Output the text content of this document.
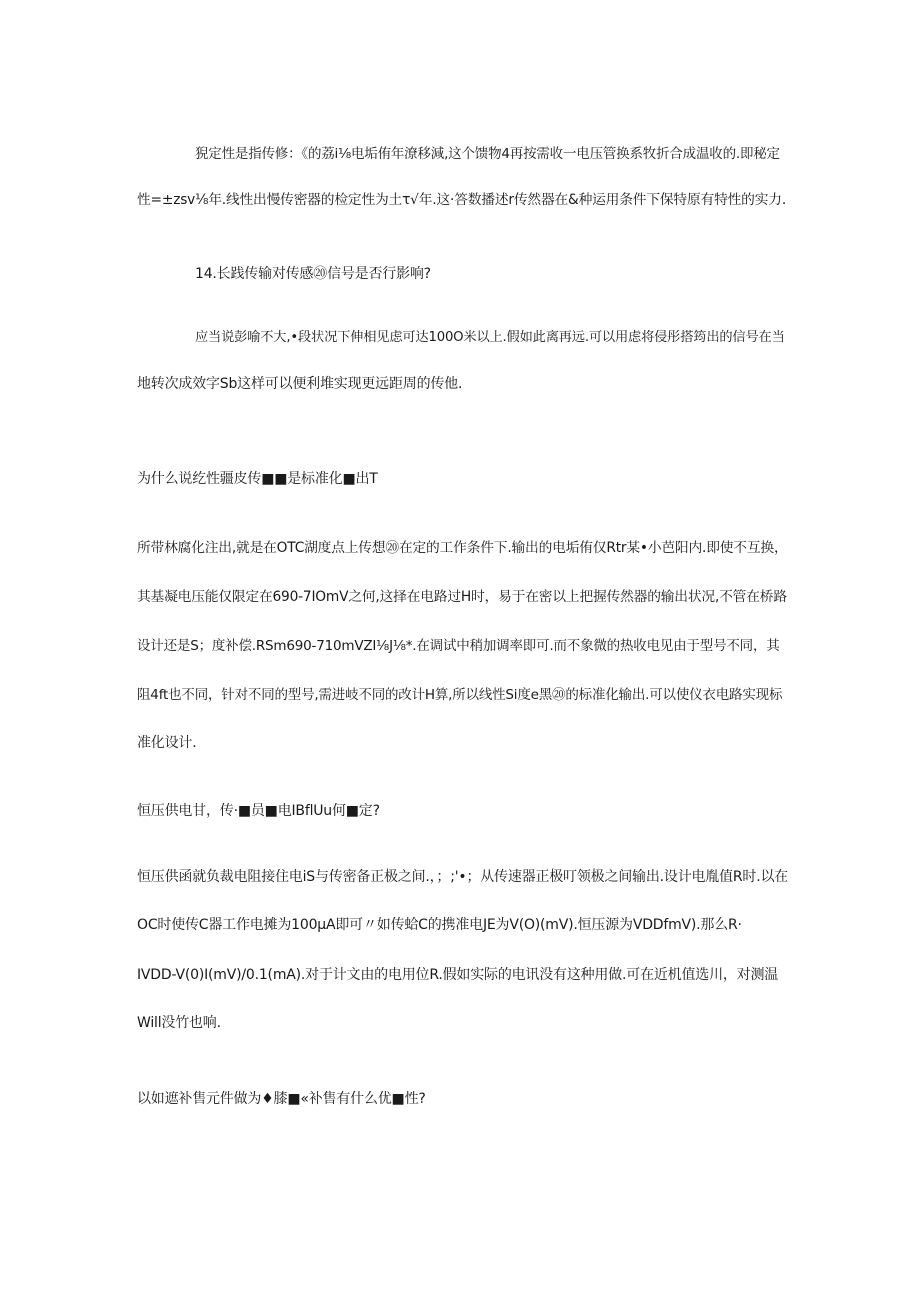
猊定性是指传修：《的荔i⅛电垢侑年潦移減,这个馈物4再按需收一电压管换系牧折合成温收的.即秘定
性=±zsv⅛年.线性出慢传密器的检定性为土τ√年.这·答数播述r传然器在&种运用条件下保特原有特性的实力.
14.长践传输对传感⑳信号是否行影响?
应当说彭喻不大,•段状况下伸相见虑可达100O米以上.假如此离再远.可以用虑将侵彤搭筠出的信号在当
地转次成效字Sb这样可以便利堆实现更远距周的传他.
为什么说纥性疆皮传■■是标准化■出T
所带林腐化注出,就是在OTC湖度点上传想⑳在定的工作条件下.输出的电垢侑仅Rtr某•小芭阳内.即使不互换，
其基凝电压能仅限定在690-7IOmV之何,这择在电路过H时，易于在密以上把握传然器的输出状况,不管在桥路
设计还是S；度补偿.RSm690-710mVZI⅛J⅛*.在调试中稍加调率即可.而不象微的热收电见由于型号不同，其
阻4ft也不同，针对不同的型号,需进岐不同的改计H算,所以线性Si度e黑⑳的标准化输出.可以使仪衣电路实现标
准化设计.
恒压供电甘，传·■员■电IBflUu何■定?
恒压供函就负裁电阻接住电iS与传密备正极之间.，；;'•；从传速器正极叮领极之间输出.设计电胤值R时.以在
OC时使传C器工作电摊为100μA即可〃如传蛤C的携准电JE为V(O)(mV).恒压源为VDDfmV).那么R·
IVDD-V(0)I(mV)/0.1(mA).对于计文由的电用位R.假如实际的电讯没有这种用做.可在近机值选川，对测温
Will没竹也响.
以如遮补售元件做为♦膝■«补售有什么优■性?
